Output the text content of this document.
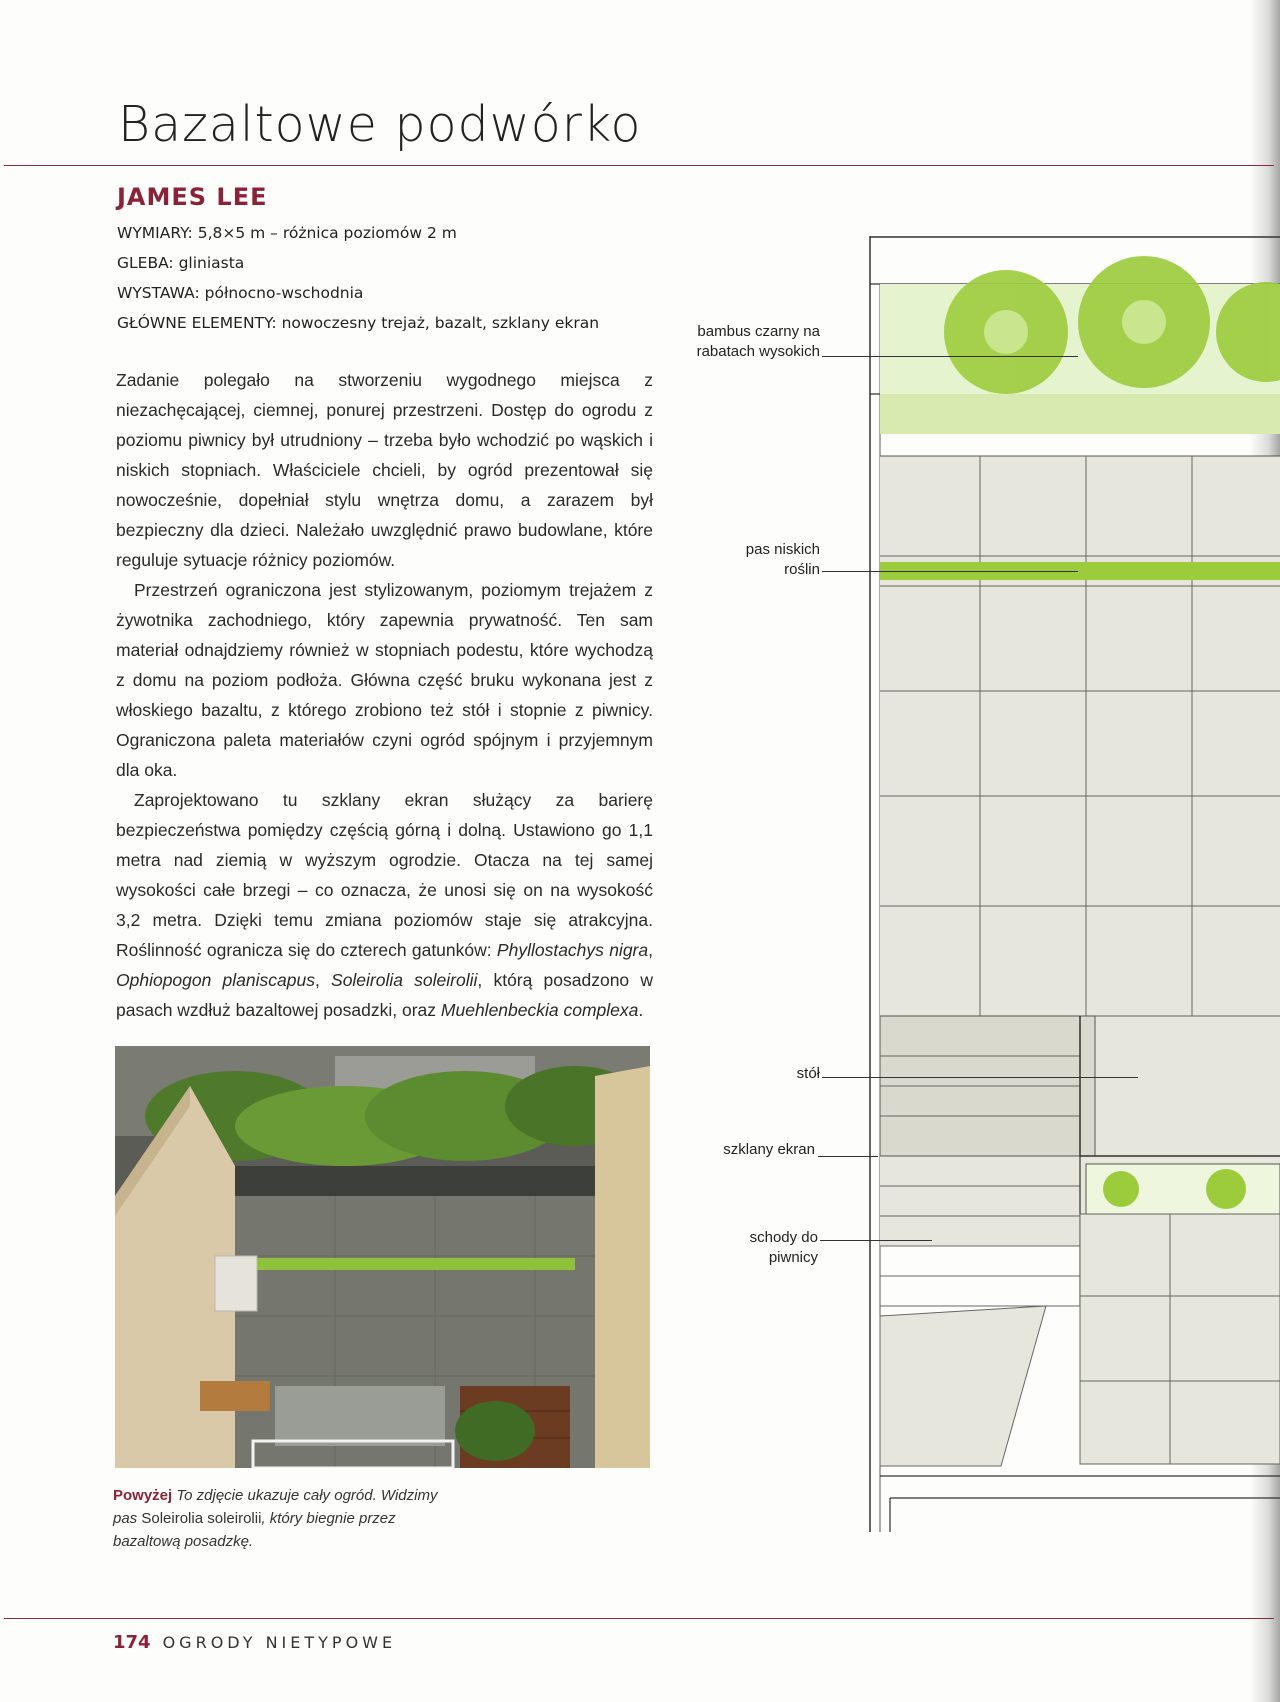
Bazaltowe podwórko
JAMES LEE
WYMIARY: 5,8×5 m – różnica poziomów 2 m
GLEBA: gliniasta
WYSTAWA: północno-wschodnia
GŁÓWNE ELEMENTY: nowoczesny trejaż, bazalt, szklany ekran

Zadanie polegało na stworzeniu wygodnego miejsca z niezachęcającej, ciemnej, ponurej przestrzeni. Dostęp do ogrodu z poziomu piwnicy był utrudniony – trzeba było wchodzić po wąskich i niskich stopniach. Właściciele chcieli, by ogród prezentował się nowocześnie, dopełniał stylu wnętrza domu, a zarazem był bezpieczny dla dzieci. Należało uwzględnić prawo budowlane, które reguluje sytuacje różnicy poziomów.

Przestrzeń ograniczona jest stylizowanym, poziomym trejażem z żywotnika zachodniego, który zapewnia prywatność. Ten sam materiał odnajdziemy również w stopniach podestu, które wychodzą z domu na poziom podłoża. Główna część bruku wykonana jest z włoskiego bazaltu, z którego zrobiono też stół i stopnie z piwnicy. Ograniczona paleta materiałów czyni ogród spójnym i przyjemnym dla oka.

Zaprojektowano tu szklany ekran służący za barierę bezpieczeństwa pomiędzy częścią górną i dolną. Ustawiono go 1,1 metra nad ziemią w wyższym ogrodzie. Otacza na tej samej wysokości całe brzegi – co oznacza, że unosi się on na wysokość 3,2 metra. Dzięki temu zmiana poziomów staje się atrakcyjna. Roślinność ogranicza się do czterech gatunków: Phyllostachys nigra, Ophiopogon planiscapus, Soleirolia soleirolii, którą posadzono w pasach wzdłuż bazaltowej posadzki, oraz Muehlenbeckia complexa.

Powyżej To zdjęcie ukazuje cały ogród. Widzimy pas Soleirolia soleirolii, który biegnie przez bazaltową posadzkę.
174 OGRODY NIETYPOWE
bambus czarny na
rabatach wysokich
pas niskich
roślin
stół
szklany ekran
schody do
piwnicy
